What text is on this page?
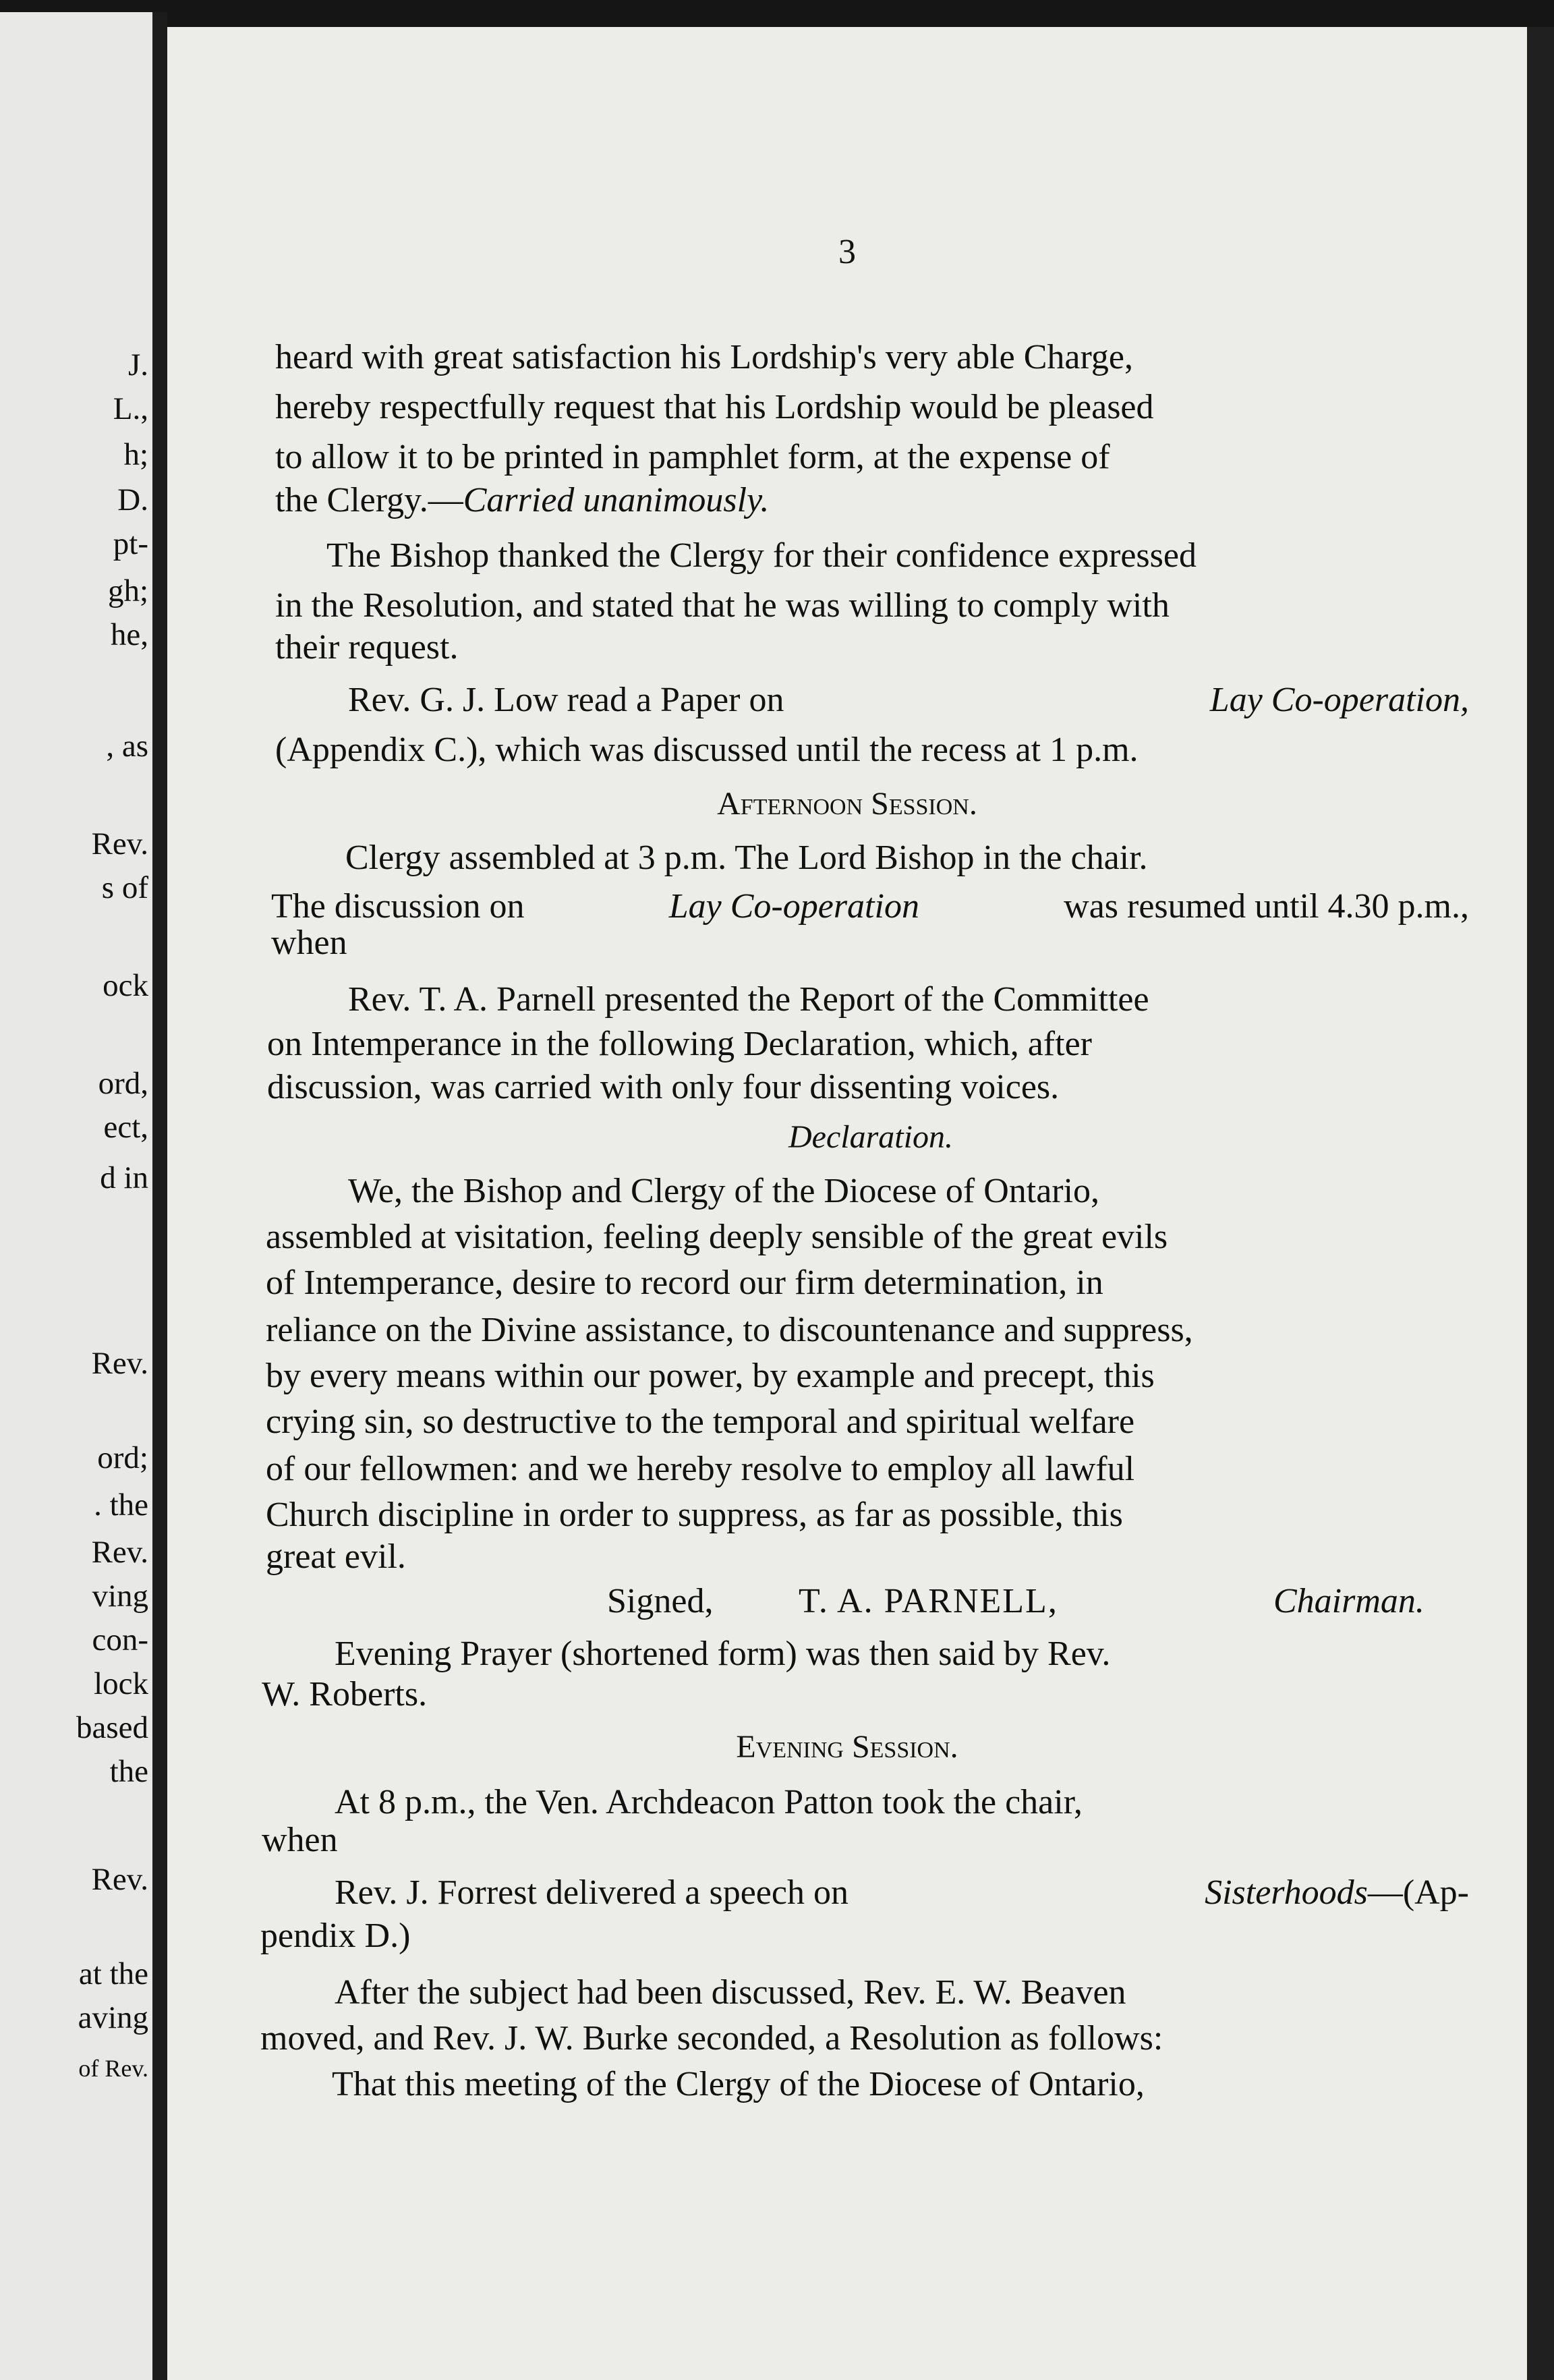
J.
L.,
h;
D.
pt-
gh;
he,
, as
Rev.
s of
ock
ord,
ect,
d in
Rev.
ord;
. the
Rev.
ving
con-
lock
based
the
Rev.
at the
aving
of Rev.
3
heard with great satisfaction his Lordship's very able Charge,
hereby respectfully request that his Lordship would be pleased
to allow it to be printed in pamphlet form, at the expense of
the Clergy.—Carried unanimously.
The Bishop thanked the Clergy for their confidence expressed
in the Resolution, and stated that he was willing to comply with
their request.
Rev. G. J. Low read a Paper on	Lay Co-operation,
(Appendix C.), which was discussed until the recess at 1 p.m.
Afternoon Session.
Clergy assembled at 3 p.m. The Lord Bishop in the chair.
The discussion on	Lay Co-operation	was resumed until 4.30 p.m.,
when
Rev. T. A. Parnell presented the Report of the Committee
on Intemperance in the following Declaration, which, after
discussion, was carried with only four dissenting voices.
Declaration.
We, the Bishop and Clergy of the Diocese of Ontario,
assembled at visitation, feeling deeply sensible of the great evils
of Intemperance, desire to record our firm determination, in
reliance on the Divine assistance, to discountenance and suppress,
by every means within our power, by example and precept, this
crying sin, so destructive to the temporal and spiritual welfare
of our fellowmen: and we hereby resolve to employ all lawful
Church discipline in order to suppress, as far as possible, this
great evil.
Signed, T. A. PARNELL,	Chairman.
Evening Prayer (shortened form) was then said by Rev.
W. Roberts.
Evening Session.
At 8 p.m., the Ven. Archdeacon Patton took the chair,
when
Rev. J. Forrest delivered a speech on	Sisterhoods—(Ap-
pendix D.)
After the subject had been discussed, Rev. E. W. Beaven
moved, and Rev. J. W. Burke seconded, a Resolution as follows:
That this meeting of the Clergy of the Diocese of Ontario,
